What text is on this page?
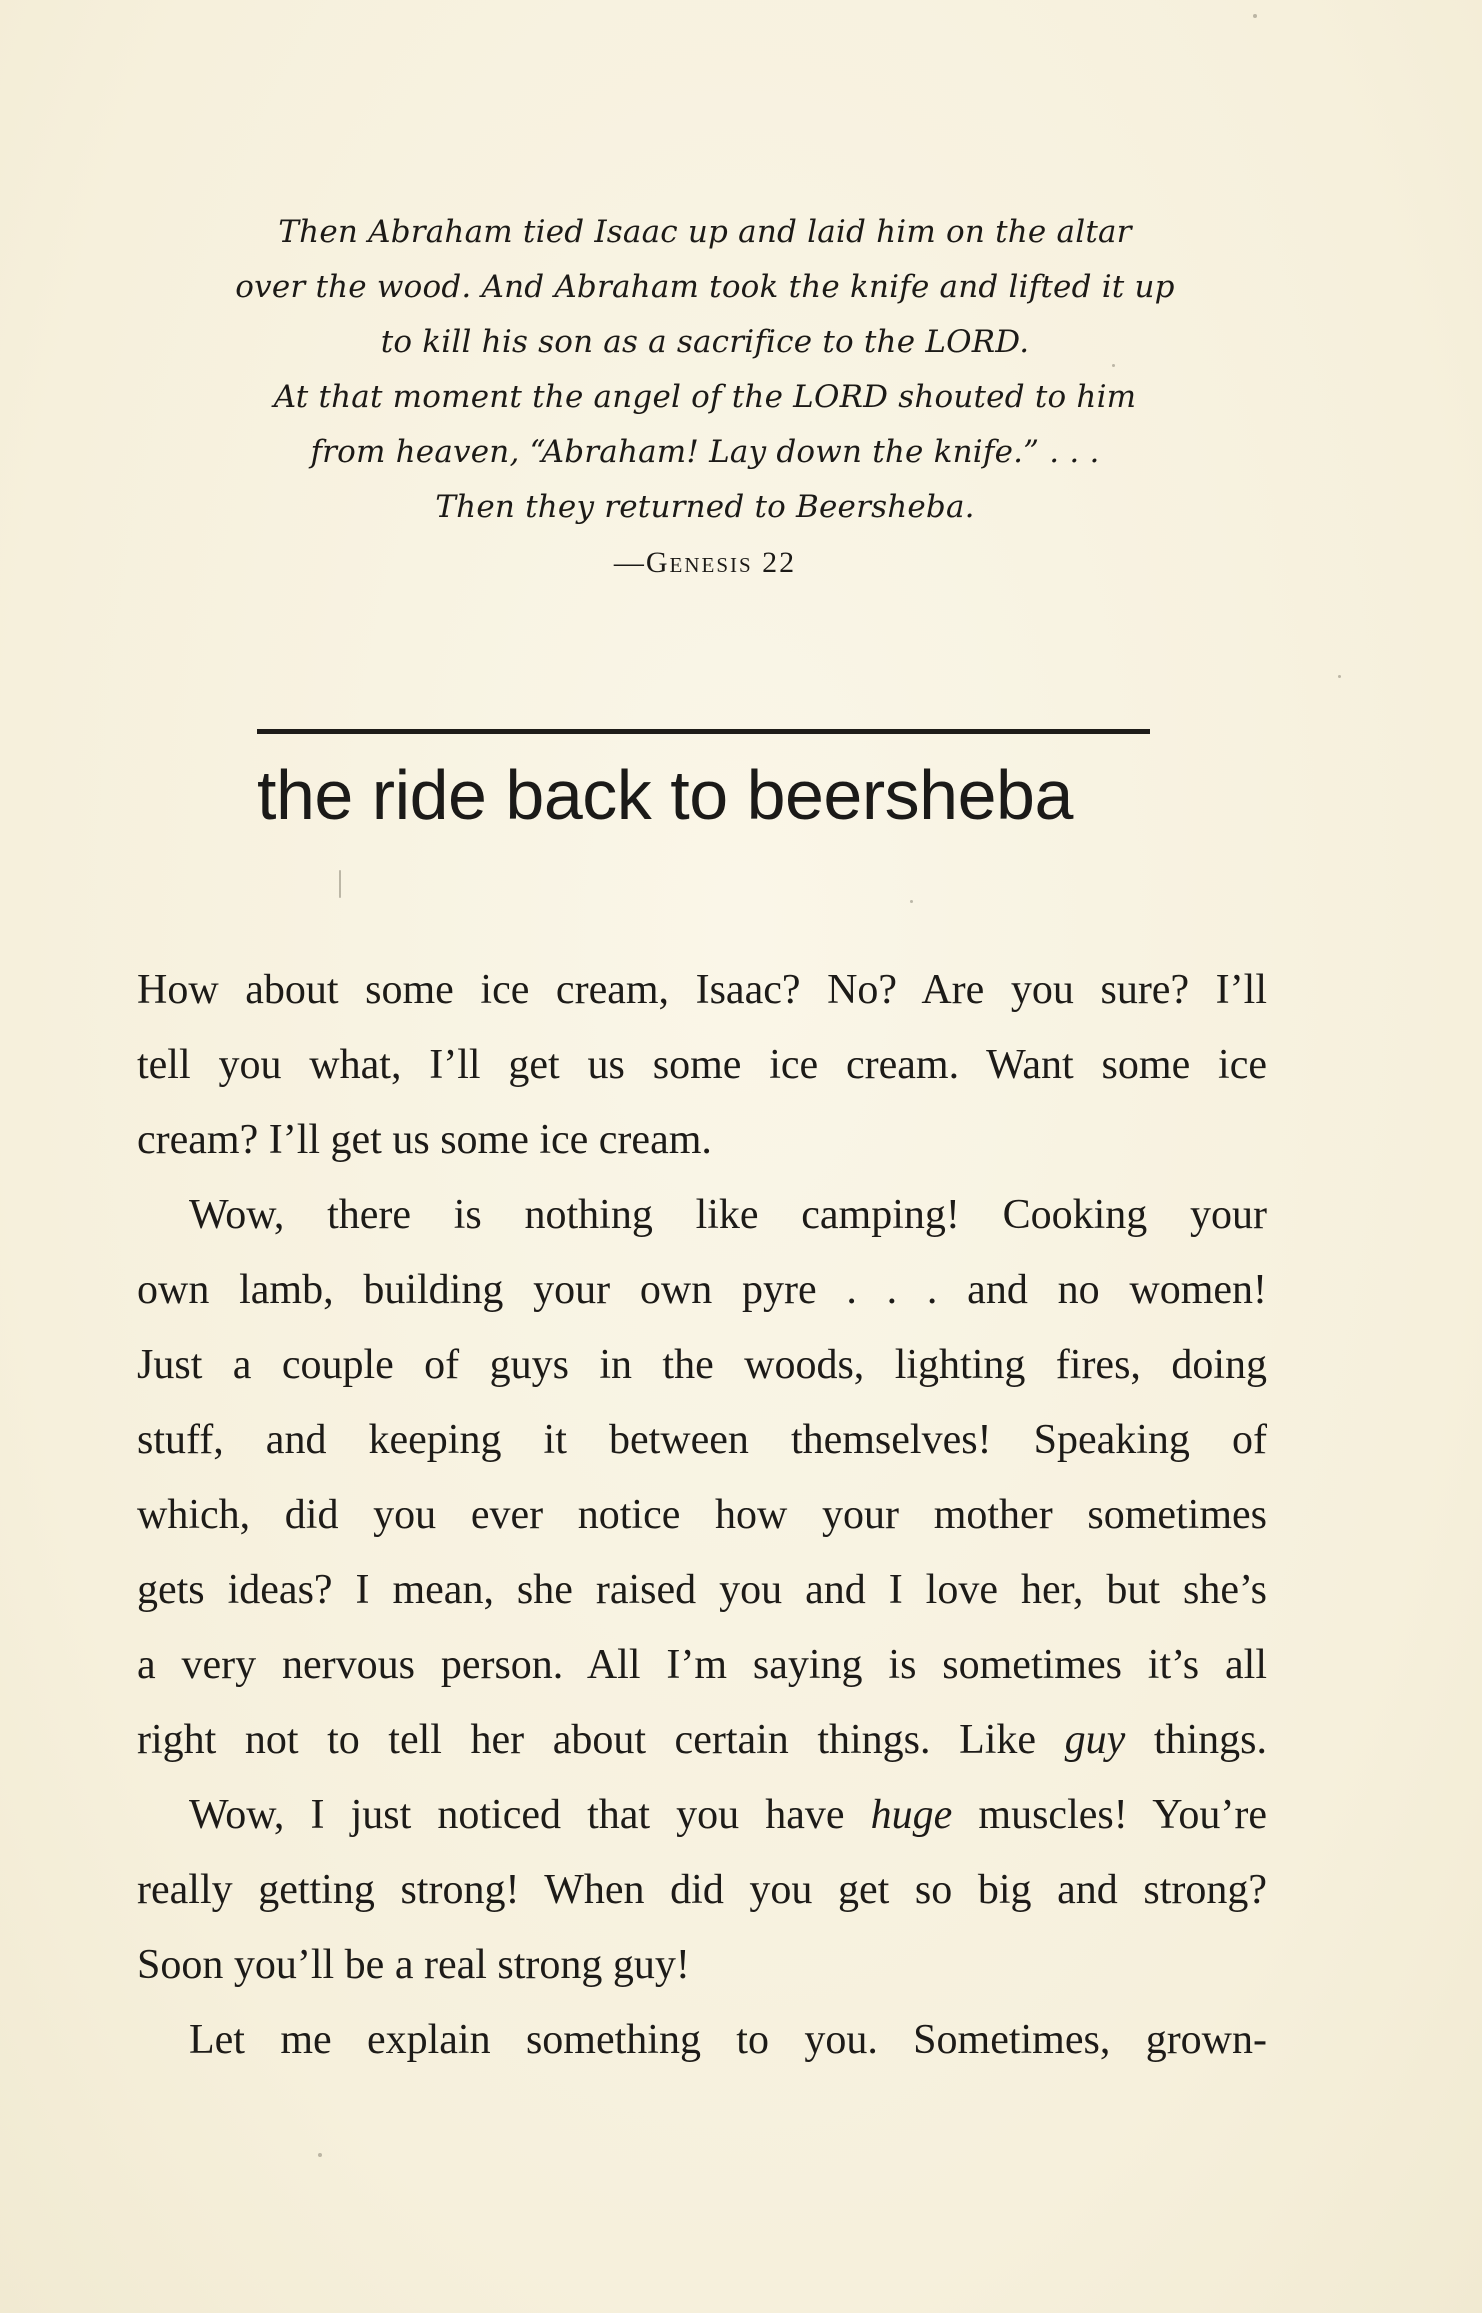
Then Abraham tied Isaac up and laid him on the altar
over the wood. And Abraham took the knife and lifted it up
to kill his son as a sacrifice to the LORD.
At that moment the angel of the LORD shouted to him
from heaven, “Abraham! Lay down the knife.” . . .
Then they returned to Beersheba.
—Genesis 22
the ride back to beersheba

How about some ice cream, Isaac? No? Are you sure? I’ll
tell you what, I’ll get us some ice cream. Want some ice
cream? I’ll get us some ice cream.

Wow, there is nothing like camping! Cooking your
own lamb, building your own pyre . . . and no women!
Just a couple of guys in the woods, lighting fires, doing
stuff, and keeping it between themselves! Speaking of
which, did you ever notice how your mother sometimes
gets ideas? I mean, she raised you and I love her, but she’s
a very nervous person. All I’m saying is sometimes it’s all
right not to tell her about certain things. Like guy things.

Wow, I just noticed that you have huge muscles! You’re
really getting strong! When did you get so big and strong?
Soon you’ll be a real strong guy!

Let me explain something to you. Sometimes, grown-
